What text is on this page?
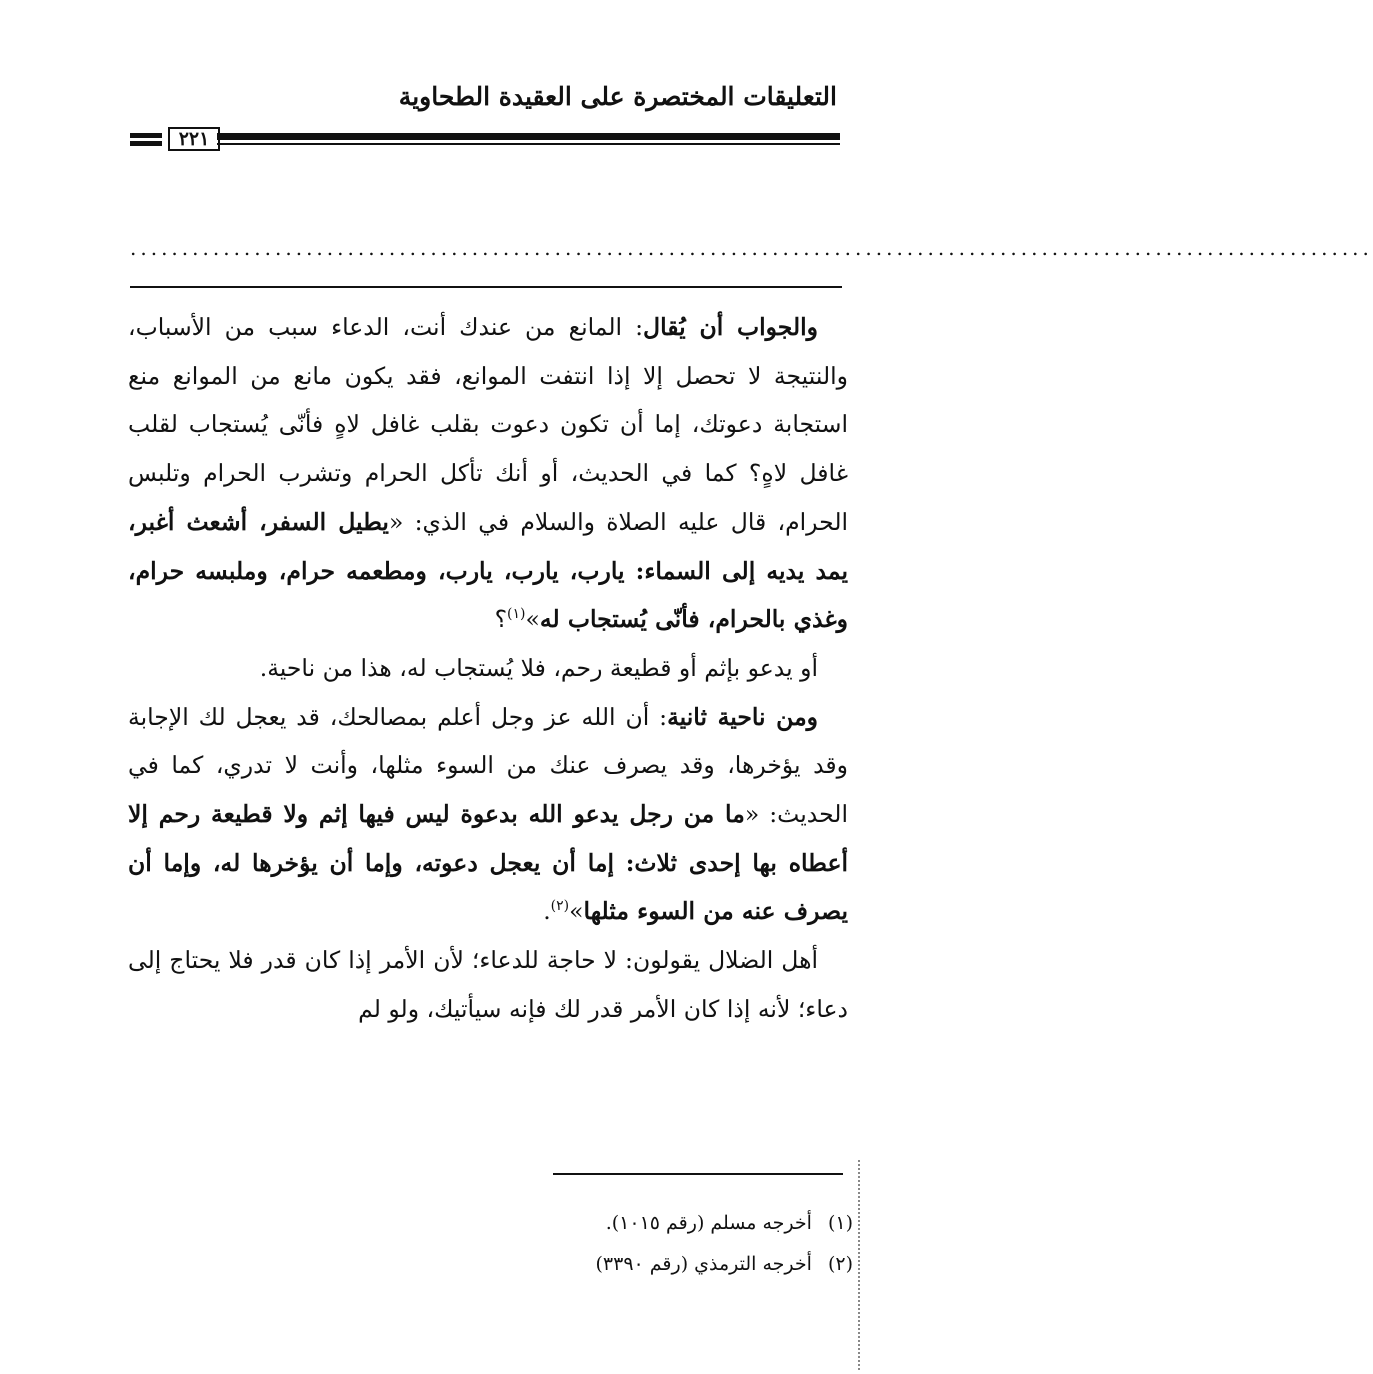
التعليقات المختصرة على العقيدة الطحاوية
٢٢١
........................................................................................................................

والجواب أن يُقال: المانع من عندك أنت، الدعاء سبب من الأسباب، والنتيجة لا تحصل إلا إذا انتفت الموانع، فقد يكون مانع من الموانع منع استجابة دعوتك، إما أن تكون دعوت بقلب غافل لاهٍ فأنّى يُستجاب لقلب غافل لاهٍ؟ كما في الحديث، أو أنك تأكل الحرام وتشرب الحرام وتلبس الحرام، قال عليه الصلاة والسلام في الذي: «يطيل السفر، أشعث أغبر، يمد يديه إلى السماء: يارب، يارب، يارب، ومطعمه حرام، وملبسه حرام، وغذي بالحرام، فأنّى يُستجاب له»$^{(١)}$؟

أو يدعو بإثم أو قطيعة رحم، فلا يُستجاب له، هذا من ناحية.

ومن ناحية ثانية: أن الله عز وجل أعلم بمصالحك، قد يعجل لك الإجابة وقد يؤخرها، وقد يصرف عنك من السوء مثلها، وأنت لا تدري، كما في الحديث: «ما من رجل يدعو الله بدعوة ليس فيها إثم ولا قطيعة رحم إلا أعطاه بها إحدى ثلاث: إما أن يعجل دعوته، وإما أن يؤخرها له، وإما أن يصرف عنه من السوء مثلها»$^{(٢)}$.

أهل الضلال يقولون: لا حاجة للدعاء؛ لأن الأمر إذا كان قدر فلا يحتاج إلى دعاء؛ لأنه إذا كان الأمر قدر لك فإنه سيأتيك، ولو لم

(١)أخرجه مسلم (رقم ١٠١٥).
(٢)أخرجه الترمذي (رقم ٣٣٩٠)
